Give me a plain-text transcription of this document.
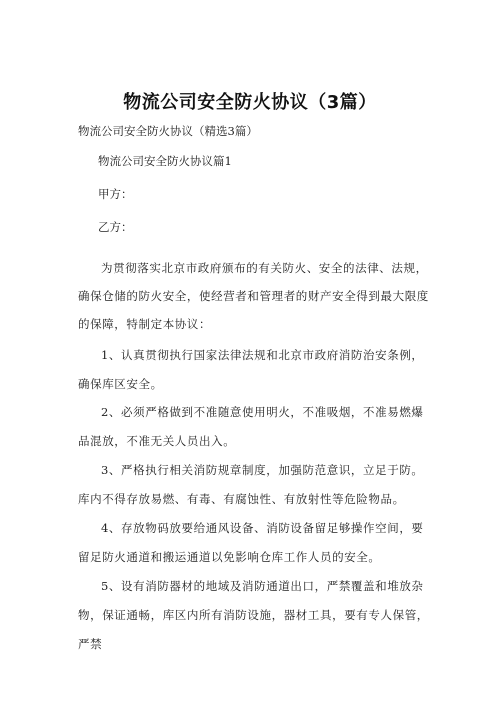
物流公司安全防火协议（3篇）
物流公司安全防火协议（精选3篇）
物流公司安全防火协议篇1
甲方：
乙方：
为贯彻落实北京市政府颁布的有关防火、安全的法律、法规，确保仓储的防火安全，使经营者和管理者的财产安全得到最大限度的保障，特制定本协议：
1、认真贯彻执行国家法律法规和北京市政府消防治安条例，确保库区安全。
2、必须严格做到不准随意使用明火，不准吸烟，不准易燃爆品混放，不准无关人员出入。
3、严格执行相关消防规章制度，加强防范意识，立足于防。库内不得存放易燃、有毒、有腐蚀性、有放射性等危险物品。
4、存放物码放要给通风设备、消防设备留足够操作空间，要留足防火通道和搬运通道以免影响仓库工作人员的安全。
5、设有消防器材的地域及消防通道出口，严禁覆盖和堆放杂物，保证通畅，库区内所有消防设施，器材工具，要有专人保管，严禁
